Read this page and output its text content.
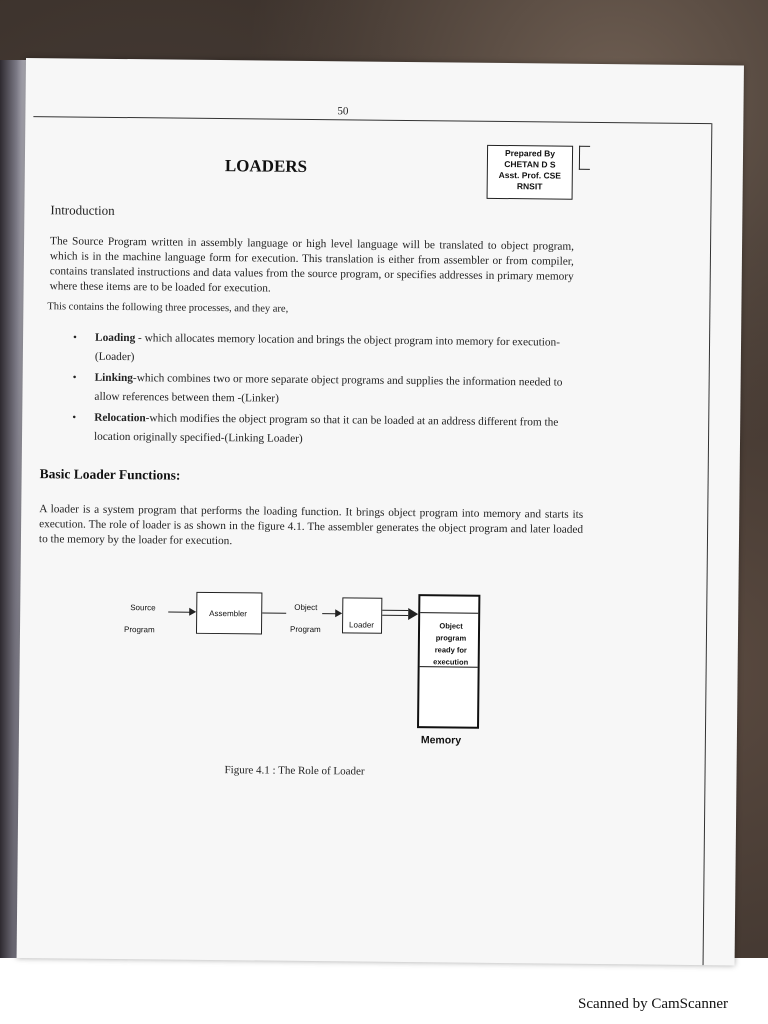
50
Prepared By
CHETAN D S
Asst. Prof. CSE
RNSIT
LOADERS
Introduction
The Source Program written in assembly language or high level language will be translated to object program, which is in the machine language form for execution. This translation is either from assembler or from compiler, contains translated instructions and data values from the source program, or specifies addresses in primary memory where these items are to be loaded for execution.
This contains the following three processes, and they are,
• Loading - which allocates memory location and brings the object program into memory for execution-(Loader)
• Linking-which combines two or more separate object programs and supplies the information needed to allow references between them -(Linker)
• Relocation-which modifies the object program so that it can be loaded at an address different from the location originally specified-(Linking Loader)
Basic Loader Functions:
A loader is a system program that performs the loading function. It brings object program into memory and starts its execution. The role of loader is as shown in the figure 4.1. The assembler generates the object program and later loaded to the memory by the loader for execution.
Source
Program
Assembler
Object
Program	Loader	Object
program
ready for
execution
Memory
Figure 4.1 : The Role of Loader
Scanned by CamScanner
